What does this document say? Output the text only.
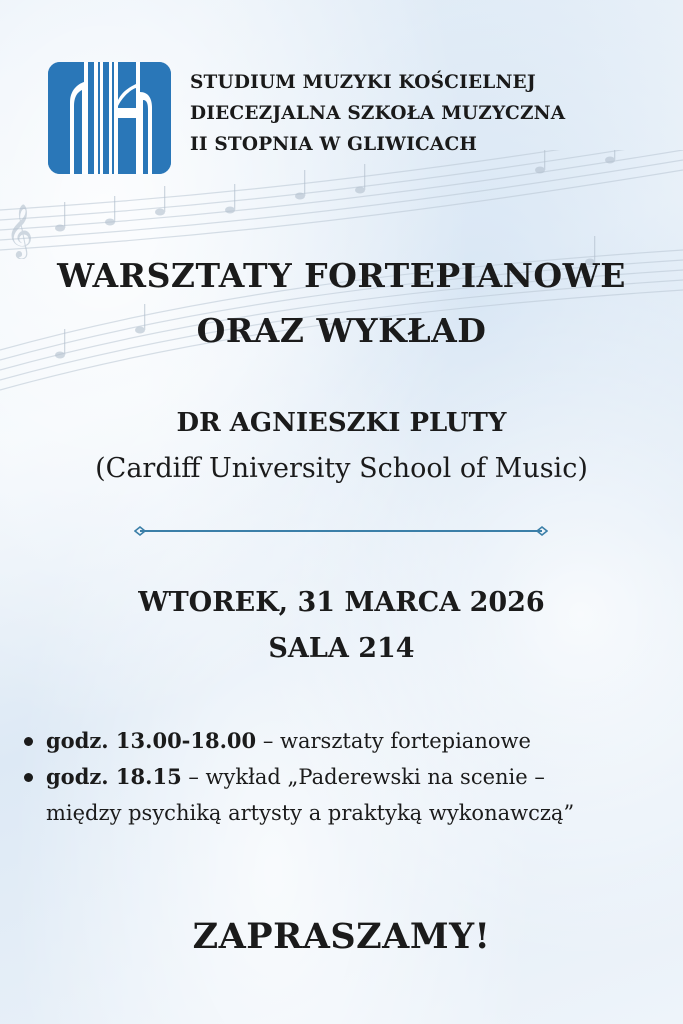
𝄞
STUDIUM MUZYKI KOŚCIELNEJ
DIECEZJALNA SZKOŁA MUZYCZNA
II STOPNIA W GLIWICACH
WARSZTATY FORTEPIANOWE
ORAZ WYKŁAD
DR AGNIESZKI PLUTY
(Cardiff University School of Music)
WTOREK, 31 MARCA 2026
SALA 214
godz. 13.00-18.00 – warsztaty fortepianowe
godz. 18.15 – wykład „Paderewski na scenie –
między psychiką artysty a praktyką wykonawczą”
ZAPRASZAMY!
